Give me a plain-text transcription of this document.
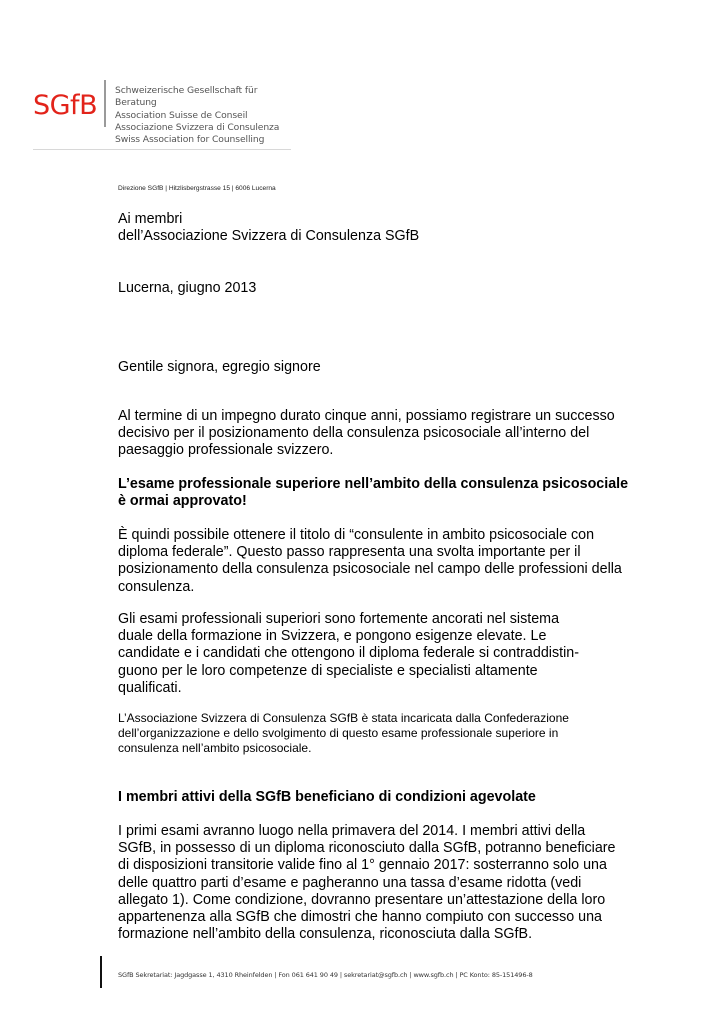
SGfB Schweizerische Gesellschaft für Beratung
Association Suisse de Conseil
Associazione Svizzera di Consulenza
Swiss Association for Counselling
Direzione SGfB | Hitzlisbergstrasse 15 | 6006 Lucerna
Ai membri
dell’Associazione Svizzera di Consulenza SGfB
Lucerna, giugno 2013
Gentile signora, egregio signore
Al termine di un impegno durato cinque anni, possiamo registrare un successo
decisivo per il posizionamento della consulenza psicosociale all’interno del
paesaggio professionale svizzero.
L’esame professionale superiore nell’ambito della consulenza psicosociale
è ormai approvato!
È quindi possibile ottenere il titolo di “consulente in ambito psicosociale con
diploma federale”. Questo passo rappresenta una svolta importante per il
posizionamento della consulenza psicosociale nel campo delle professioni della
consulenza.
Gli esami professionali superiori sono fortemente ancorati nel sistema
duale della formazione in Svizzera, e pongono esigenze elevate. Le
candidate e i candidati che ottengono il diploma federale si contraddistin-
guono per le loro competenze di specialiste e specialisti altamente
qualificati.
L’Associazione Svizzera di Consulenza SGfB è stata incaricata dalla Confederazione
dell’organizzazione e dello svolgimento di questo esame professionale superiore in
consulenza nell’ambito psicosociale.
I membri attivi della SGfB beneficiano di condizioni agevolate
I primi esami avranno luogo nella primavera del 2014. I membri attivi della
SGfB, in possesso di un diploma riconosciuto dalla SGfB, potranno beneficiare
di disposizioni transitorie valide fino al 1° gennaio 2017: sosterranno solo una
delle quattro parti d’esame e pagheranno una tassa d’esame ridotta (vedi
allegato 1). Come condizione, dovranno presentare un’attestazione della loro
appartenenza alla SGfB che dimostri che hanno compiuto con successo una
formazione nell’ambito della consulenza, riconosciuta dalla SGfB.
SGfB Sekretariat: Jagdgasse 1, 4310 Rheinfelden | Fon 061 641 90 49 | sekretariat@sgfb.ch | www.sgfb.ch | PC Konto: 85-151496-8
